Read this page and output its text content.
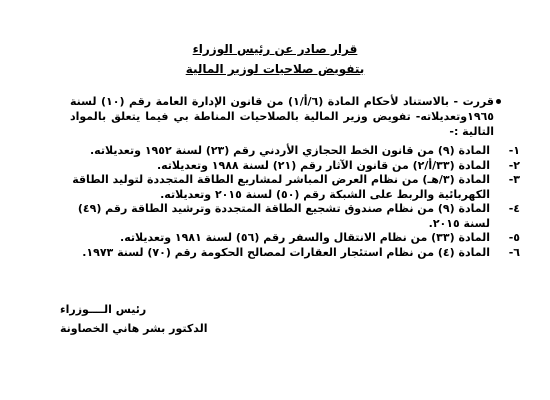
قرار صادر عن رئيس الوزراء
بتفويض صلاحيات لوزير المالية
قررت - بالاستناد لأحكام المادة (٦/أ/١) من قانون الإدارة العامة رقم (١٠) لسنة ١٩٦٥وتعديلاته- تفويض وزير المالية بالصلاحيات المناطة بي فيما يتعلق بالمواد التالية :-
١-
المادة (٩) من قانون الخط الحجازي الأردني رقم (٢٣) لسنة ١٩٥٢ وتعديلاته.
٢-
المادة (٣٣/أ/٢) من قانون الآثار رقم (٢١) لسنة ١٩٨٨ وتعديلاته.
٣-
المادة (٣/هـ) من نظام العرض المباشر لمشاريع الطاقة المتجددة لتوليد الطاقة الكهربائية والربط على الشبكة رقم (٥٠) لسنة ٢٠١٥ وتعديلاته.
٤-
المادة (٩) من نظام صندوق تشجيع الطاقة المتجددة وترشيد الطاقة رقم (٤٩) لسنة ٢٠١٥.
٥-
المادة (٣٣) من نظام الانتقال والسفر رقم (٥٦) لسنة ١٩٨١ وتعديلاته.
٦-
المادة (٤) من نظام استئجار العقارات لمصالح الحكومة رقم (٧٠) لسنة ١٩٧٣.
رئيس الــــوزراء
الدكتور بشر هاني الخصاونة
